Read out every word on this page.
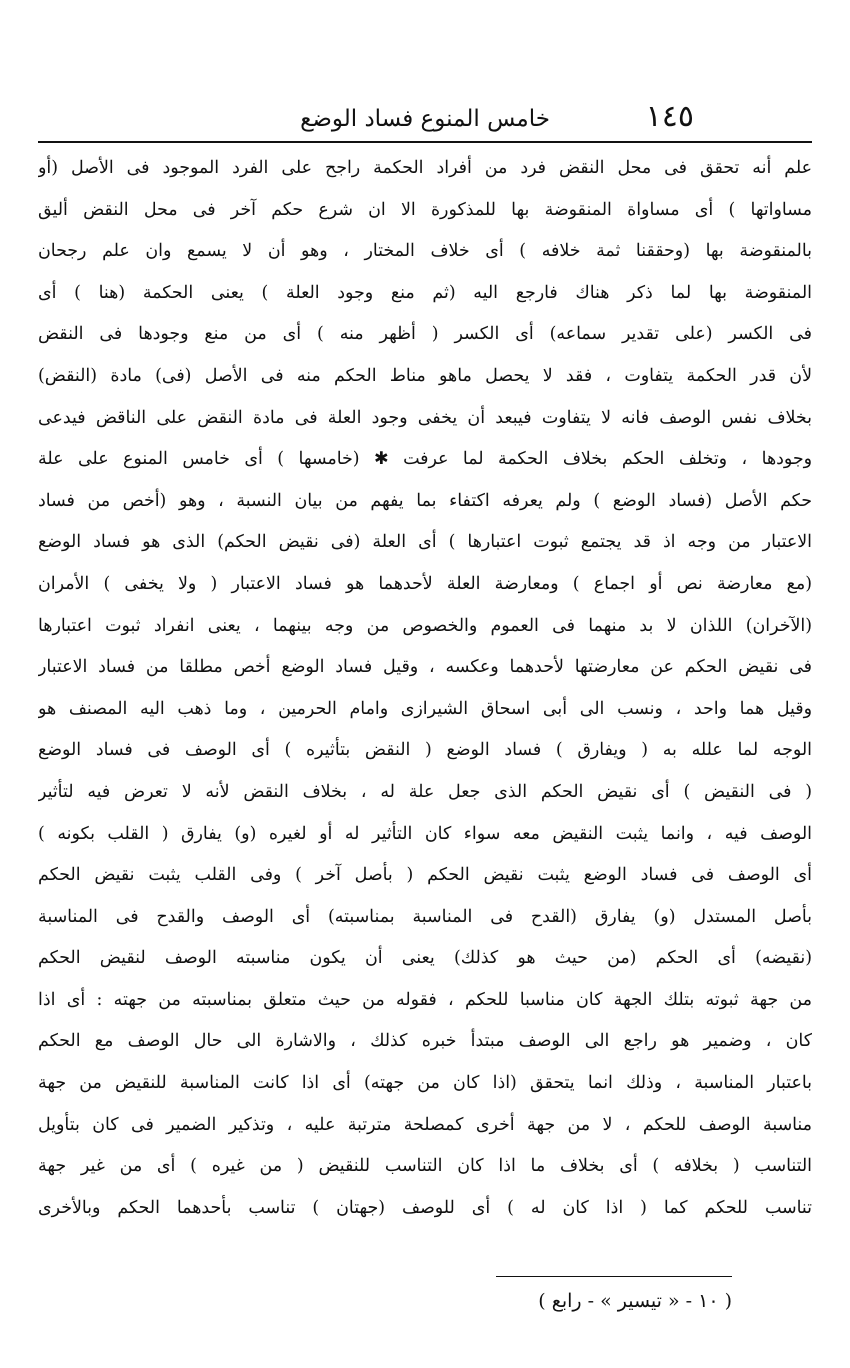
١٤٥
خامس المنوع فساد الوضع
علم أنه تحقق فى محل النقض فرد من أفراد الحكمة راجح على الفرد الموجود فى الأصل (أو
مساواتها ) أى مساواة المنقوضة بها للمذكورة الا ان شرع حكم آخر فى محل النقض أليق
بالمنقوضة بها (وحققنا ثمة خلافه ) أى خلاف المختار ، وهو أن لا يسمع وان علم رجحان
المنقوضة بها لما ذكر هناك فارجع اليه (ثم منع وجود العلة ) يعنى الحكمة (هنا ) أى
فى الكسر (على تقدير سماعه) أى الكسر ( أظهر منه ) أى من منع وجودها فى النقض
لأن قدر الحكمة يتفاوت ، فقد لا يحصل ماهو مناط الحكم منه فى الأصل (فى) مادة (النقض)
بخلاف نفس الوصف فانه لا يتفاوت فيبعد أن يخفى وجود العلة فى مادة النقض على الناقض فيدعى
وجودها ، وتخلف الحكم بخلاف الحكمة لما عرفت ✱ (خامسها ) أى خامس المنوع على علة
حكم الأصل (فساد الوضع ) ولم يعرفه اكتفاء بما يفهم من بيان النسبة ، وهو (أخص من فساد
الاعتبار من وجه اذ قد يجتمع ثبوت اعتبارها ) أى العلة (فى نقيض الحكم) الذى هو فساد الوضع
(مع معارضة نص أو اجماع ) ومعارضة العلة لأحدهما هو فساد الاعتبار ( ولا يخفى ) الأمران
(الآخران) اللذان لا بد منهما فى العموم والخصوص من وجه بينهما ، يعنى انفراد ثبوت اعتبارها
فى نقيض الحكم عن معارضتها لأحدهما وعكسه ، وقيل فساد الوضع أخص مطلقا من فساد الاعتبار
وقيل هما واحد ، ونسب الى أبى اسحاق الشيرازى وامام الحرمين ، وما ذهب اليه المصنف هو
الوجه لما علله به ( ويفارق ) فساد الوضع ( النقض بتأثيره ) أى الوصف فى فساد الوضع
( فى النقيض ) أى نقيض الحكم الذى جعل علة له ، بخلاف النقض لأنه لا تعرض فيه لتأثير
الوصف فيه ، وانما يثبت النقيض معه سواء كان التأثير له أو لغيره (و) يفارق ( القلب بكونه )
أى الوصف فى فساد الوضع يثبت نقيض الحكم ( بأصل آخر ) وفى القلب يثبت نقيض الحكم
بأصل المستدل (و) يفارق (القدح فى المناسبة بمناسبته) أى الوصف والقدح فى المناسبة
(نقيضه) أى الحكم (من حيث هو كذلك) يعنى أن يكون مناسبته الوصف لنقيض الحكم
من جهة ثبوته بتلك الجهة كان مناسبا للحكم ، فقوله من حيث متعلق بمناسبته من جهته : أى اذا
كان ، وضمير هو راجع الى الوصف مبتدأ خبره كذلك ، والاشارة الى حال الوصف مع الحكم
باعتبار المناسبة ، وذلك انما يتحقق (اذا كان من جهته) أى اذا كانت المناسبة للنقيض من جهة
مناسبة الوصف للحكم ، لا من جهة أخرى كمصلحة مترتبة عليه ، وتذكير الضمير فى كان بتأويل
التناسب ( بخلافه ) أى بخلاف ما اذا كان التناسب للنقيض ( من غيره ) أى من غير جهة
تناسب للحكم كما ( اذا كان له ) أى للوصف (جهتان ) تناسب بأحدهما الحكم وبالأخرى
( ١٠ - « تيسير » - رابع )
